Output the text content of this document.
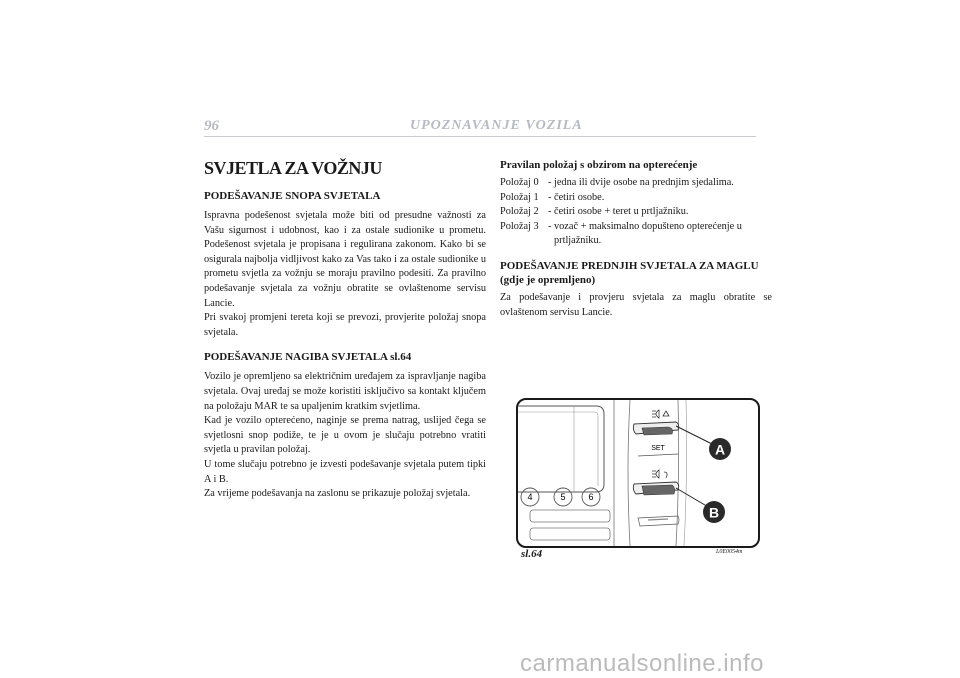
96	UPOZNAVANJE VOZILA
SVJETLA ZA VOŽNJU
PODEŠAVANJE SNOPA SVJETALA

Ispravna podešenost svjetala može biti od presudne važnosti za Vašu sigurnost i udobnost, kao i za ostale sudionike u prometu. Podešenost svjetala je propisana i regulirana zakonom. Kako bi se osigurala najbolja vidljivost kako za Vas tako i za ostale sudionike u prometu svjetla za vožnju se moraju pravilno podesiti. Za pravilno podešavanje svjetala za vožnju obratite se ovlaštenome servisu Lancie.

Pri svakoj promjeni tereta koji se prevozi, provjerite položaj snopa svjetala.

PODEŠAVANJE NAGIBA SVJETALA sl.64

Vozilo je opremljeno sa električnim uređajem za ispravljanje nagiba svjetala. Ovaj uređaj se može koristiti isključivo sa kontakt ključem na položaju MAR te sa upaljenim kratkim svjetlima.

Kad je vozilo opterećeno, naginje se prema natrag, uslijed čega se svjetlosni snop podiže, te je u ovom je slučaju potrebno vratiti svjetla u pravilan položaj.

U tome slučaju potrebno je izvesti podešavanje svjetala putem tipki A i B.

Za vrijeme podešavanja na zaslonu se prikazuje položaj svjetala.

Pravilan položaj s obzirom na opterećenje
Položaj 0 - jedna ili dvije osobe na prednjim sjedalima.
Položaj 1 - četiri osobe.
Položaj 2 - četiri osobe + teret u prtljažniku.
Položaj 3 - vozač + maksimalno dopušteno opterećenje u prtljažniku.
PODEŠAVANJE PREDNJIH SVJETALA ZA MAGLU
(gdje je opremljeno)

Za podešavanje i provjeru svjetala za maglu obratite se ovlaštenom servisu Lancie.

4	5	6
SET	A
B
sl.64	L0E0054m
carmanualsonline.info
